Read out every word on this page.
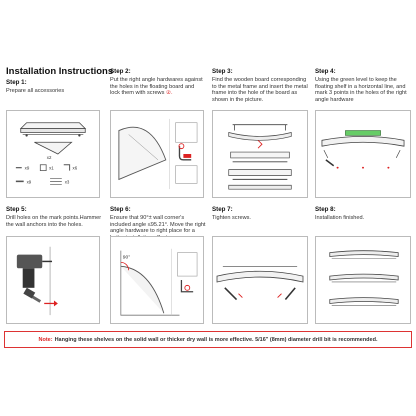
Installation Instructions
Step 1:
Prepare all accessories
Step 2:
Put the right angle hardwares against the holes in the floating board and lock them with screws ②.
Step 3:
Find the wooden board corresponding to the metal frame and insert the metal frame into the hole of the board as shown in the picture.
Step 4:
Using the green level to keep the floating shelf in a horizontal line, and mark 3 points in the holes of the right angle hardware
Step 5:
Drill holes on the mark points.Hammer the wall anchors into the holes.
Step 6:
Ensure that 90°± wall corner's included angle ≤95.21°. Move the right angle hardware to right place for a
Step 7:
Tighten screws.
Step 8:
Installation finished.
x2
x9	x1	x6
x9	x3
90°
Note: Hanging these shelves on the solid wall or thicker dry wall is more effective. 5/16" (8mm) diameter drill bit is recommended.
